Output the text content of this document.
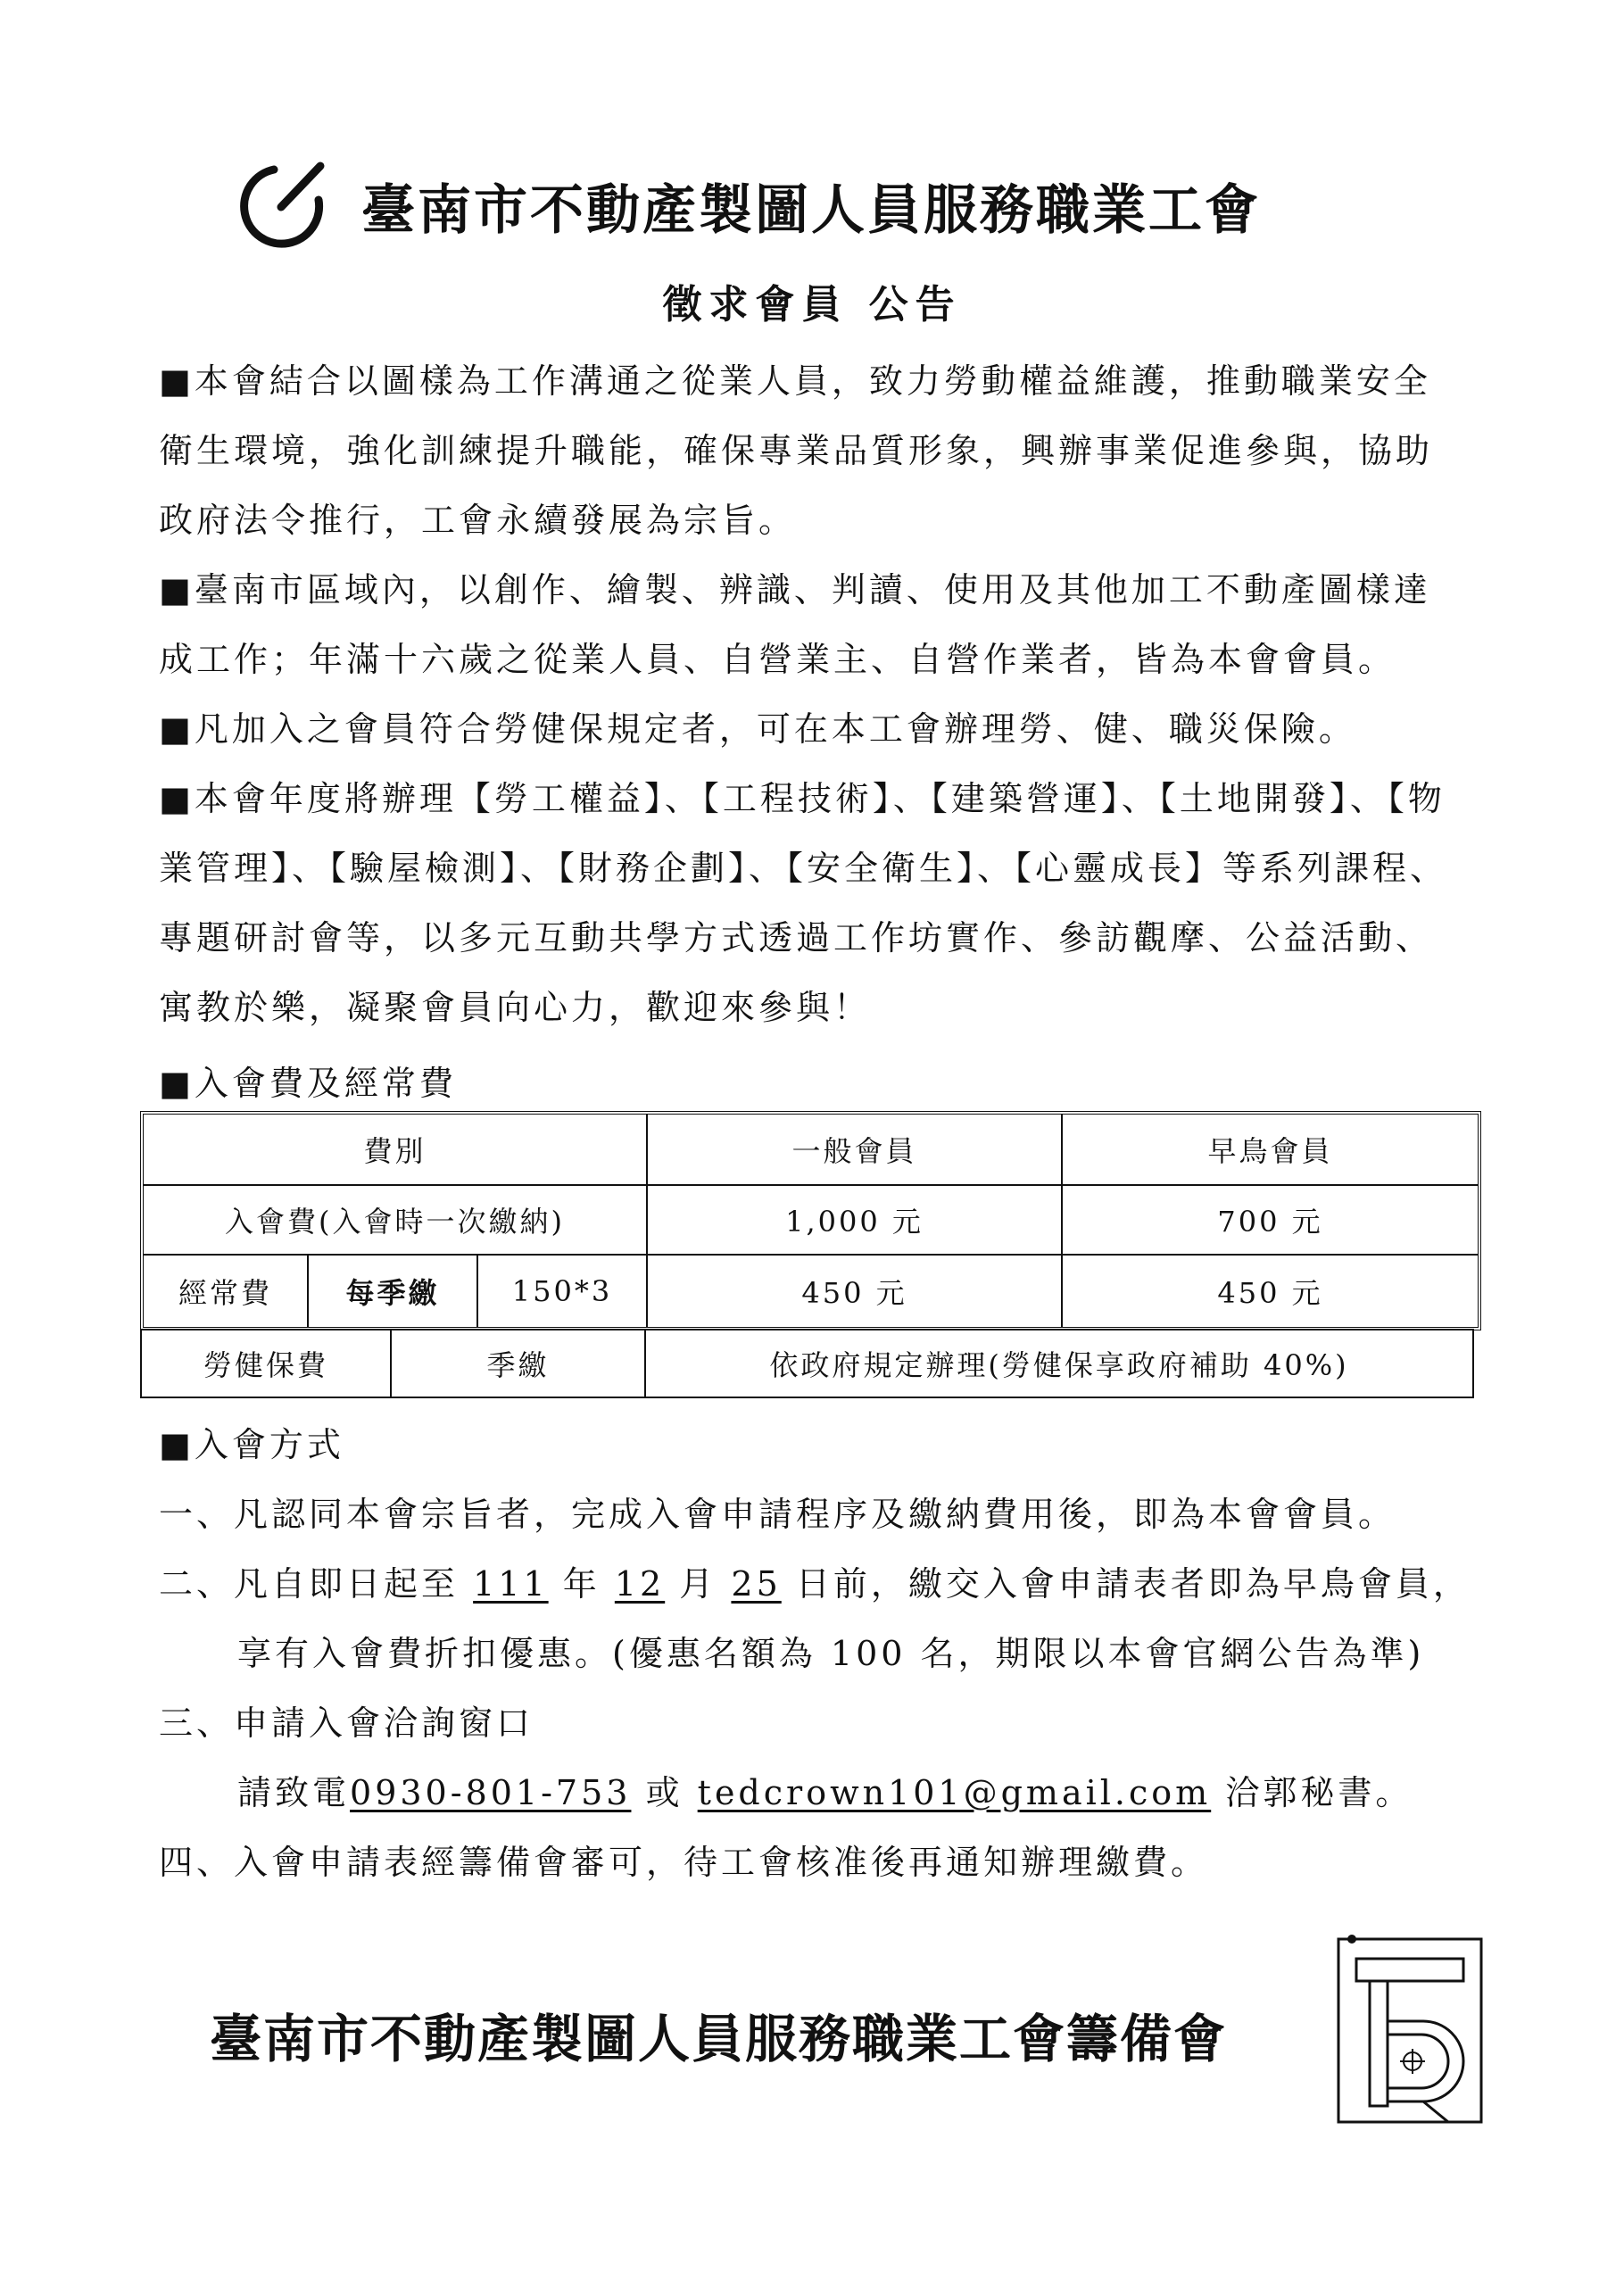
臺南市不動產製圖人員服務職業工會
徵求會員 公告
■ 本會結合以圖樣為工作溝通之從業人員，致力勞動權益維護，推動職業安全
衛生環境，強化訓練提升職能，確保專業品質形象，興辦事業促進參與，協助
政府法令推行，工會永續發展為宗旨。
■ 臺南市區域內，以創作、繪製、辨識、判讀、使用及其他加工不動產圖樣達
成工作；年滿十六歲之從業人員、自營業主、自營作業者，皆為本會會員。
■ 凡加入之會員符合勞健保規定者，可在本工會辦理勞、健、職災保險。
■ 本會年度將辦理【勞工權益】、【工程技術】、【建築營運】、【土地開發】、【物
業管理】、【驗屋檢測】、【財務企劃】、【安全衛生】、【心靈成長】等系列課程、
專題研討會等，以多元互動共學方式透過工作坊實作、參訪觀摩、公益活動、
寓教於樂，凝聚會員向心力，歡迎來參與！
■ 入會費及經常費
費別	一般會員	早鳥會員
入會費(入會時一次繳納)	1,000 元	700 元
經常費	每季繳	150*3	450 元	450 元
勞健保費	季繳	依政府規定辦理(勞健保享政府補助 40%)
■ 入會方式
一、凡認同本會宗旨者，完成入會申請程序及繳納費用後，即為本會會員。
二、凡自即日起至 111 年 12 月 25 日前，繳交入會申請表者即為早鳥會員，
享有入會費折扣優惠。(優惠名額為 100 名，期限以本會官網公告為準)
三、申請入會洽詢窗口
請致電0930-801-753 或 tedcrown101@gmail.com 洽郭秘書。
四、入會申請表經籌備會審可，待工會核准後再通知辦理繳費。
臺南市不動產製圖人員服務職業工會籌備會
